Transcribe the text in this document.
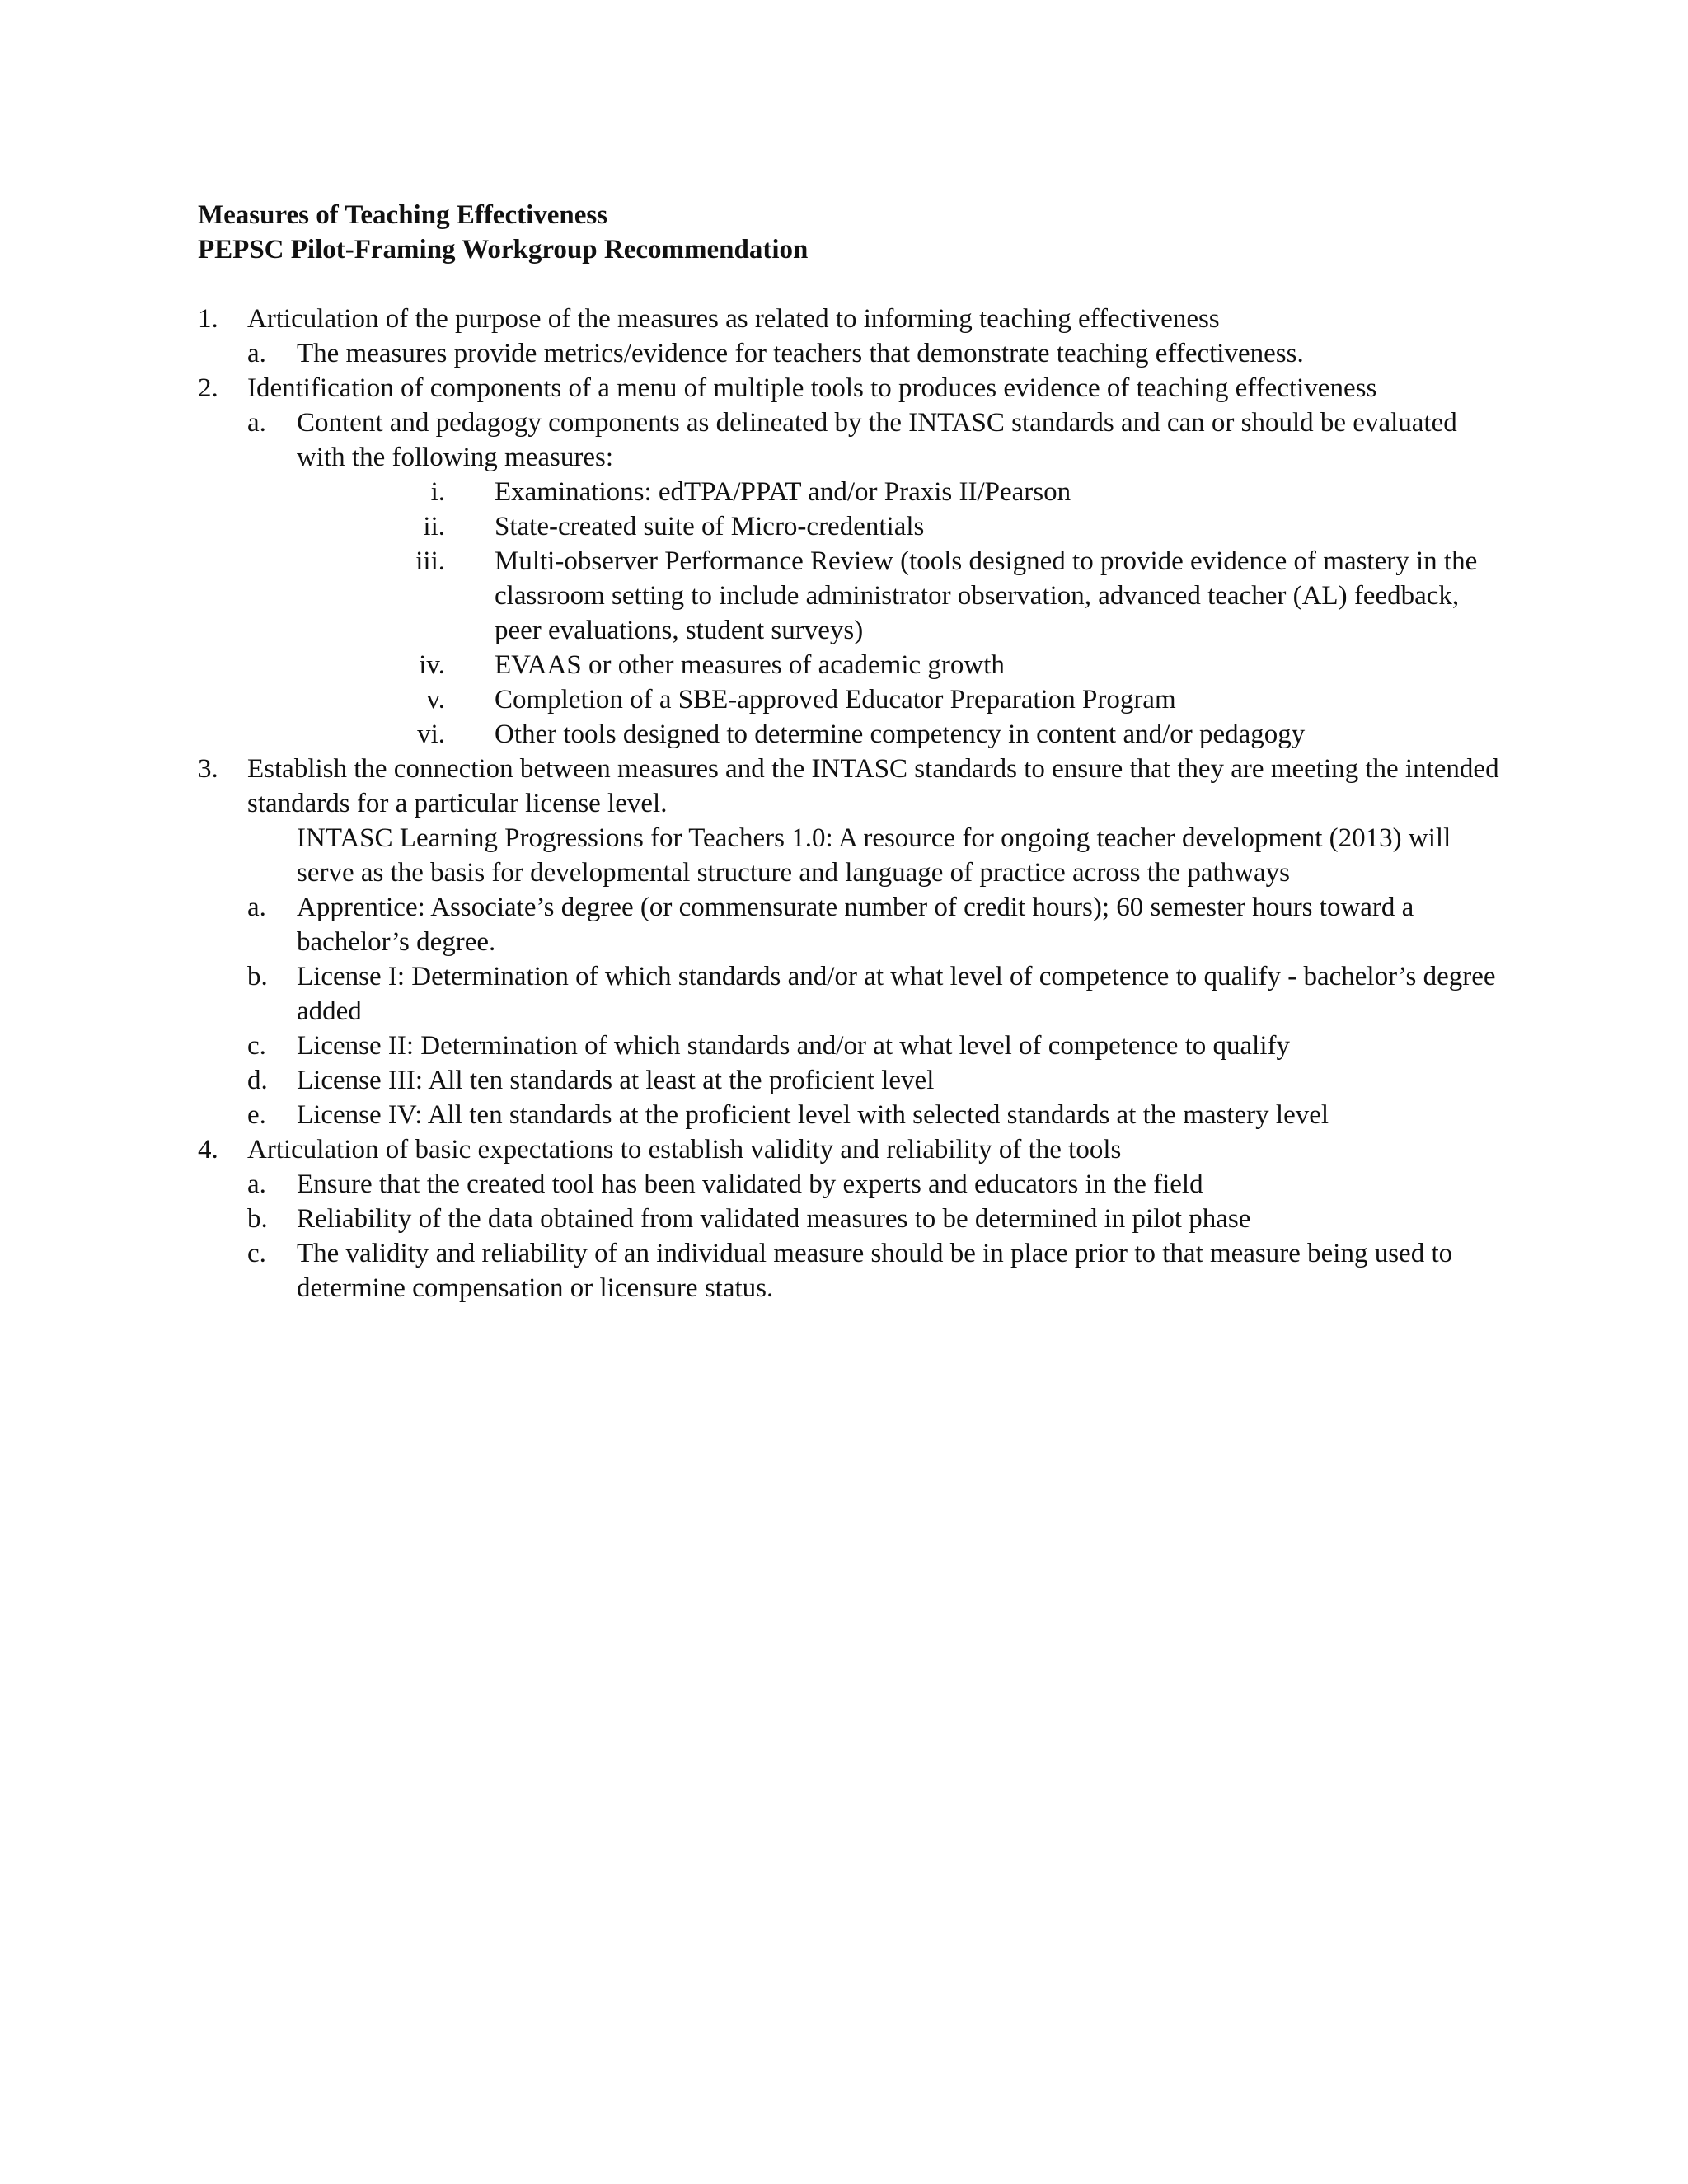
Measures of Teaching Effectiveness

PEPSC Pilot-Framing Workgroup Recommendation

1.	Articulation of the purpose of the measures as related to informing teaching effectiveness
a.	The measures provide metrics/evidence for teachers that demonstrate teaching effectiveness.
2.	Identification of components of a menu of multiple tools to produces evidence of teaching effectiveness
a.	Content and pedagogy components as delineated by the INTASC standards and can or should be evaluated with the following measures:
i. Examinations: edTPA/PPAT and/or Praxis II/Pearson
ii. State-created suite of Micro-credentials
iii. Multi-observer Performance Review (tools designed to provide evidence of mastery in the classroom setting to include administrator observation, advanced teacher (AL) feedback, peer evaluations, student surveys)
iv. EVAAS or other measures of academic growth
v. Completion of a SBE-approved Educator Preparation Program
vi. Other tools designed to determine competency in content and/or pedagogy
3.	Establish the connection between measures and the INTASC standards to ensure that they are meeting the intended standards for a particular license level.
INTASC Learning Progressions for Teachers 1.0: A resource for ongoing teacher development (2013) will serve as the basis for developmental structure and language of practice across the pathways
a.	Apprentice: Associate’s degree (or commensurate number of credit hours); 60 semester hours toward a bachelor’s degree.
b.	License I: Determination of which standards and/or at what level of competence to qualify - bachelor’s degree added
c.	License II: Determination of which standards and/or at what level of competence to qualify
d.	License III: All ten standards at least at the proficient level
e.	License IV: All ten standards at the proficient level with selected standards at the mastery level
4.	Articulation of basic expectations to establish validity and reliability of the tools
a.	Ensure that the created tool has been validated by experts and educators in the field
b.	Reliability of the data obtained from validated measures to be determined in pilot phase
c.	The validity and reliability of an individual measure should be in place prior to that measure being used to determine compensation or licensure status.
